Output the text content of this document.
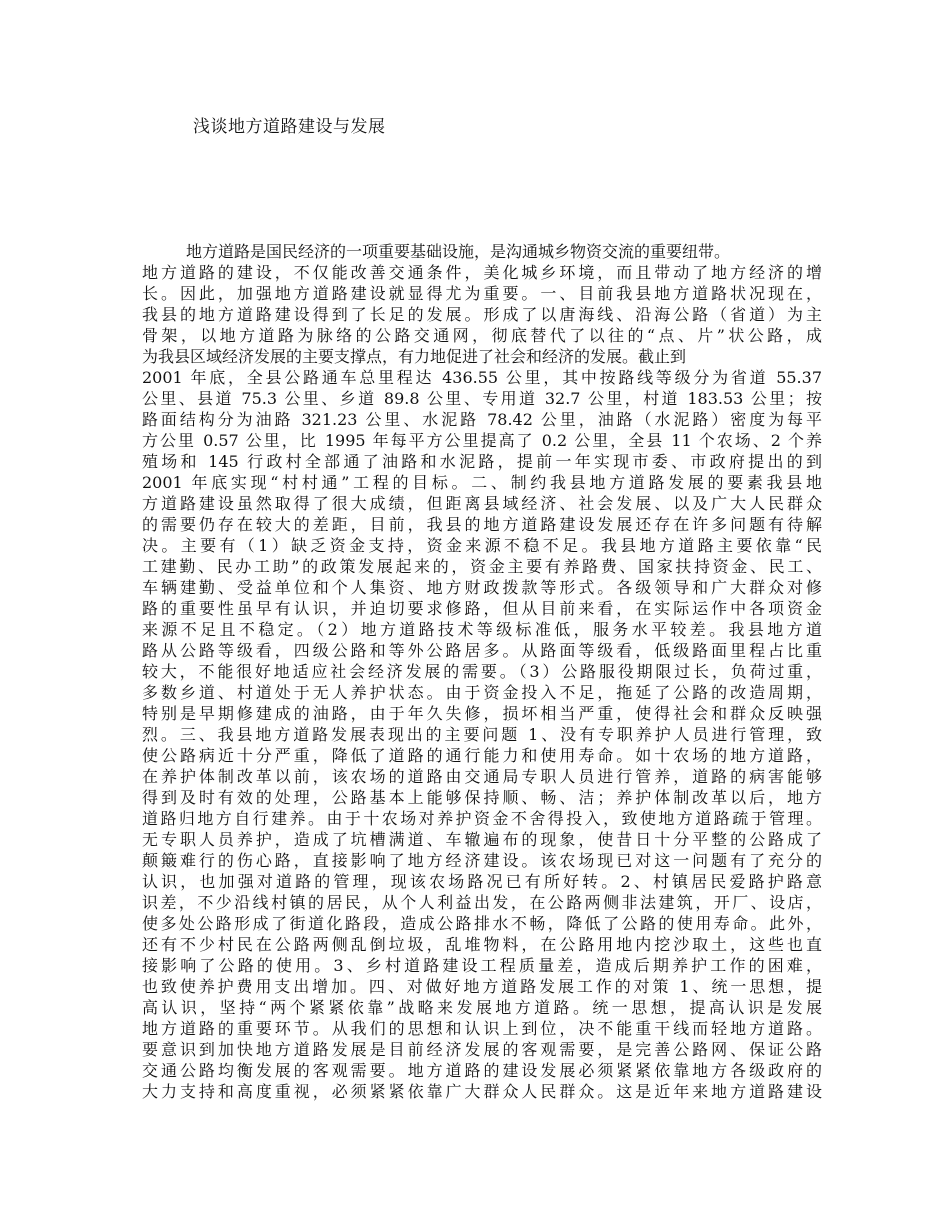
浅谈地方道路建设与发展
地方道路是国民经济的一项重要基础设施，是沟通城乡物资交流的重要纽带。
地方道路的建设，不仅能改善交通条件，美化城乡环境，而且带动了地方经济的增
长。因此，加强地方道路建设就显得尤为重要。一、目前我县地方道路状况现在，
我县的地方道路建设得到了长足的发展。形成了以唐海线、沿海公路（省道）为主
骨架，以地方道路为脉络的公路交通网，彻底替代了以往的“点、片”状公路，成
为我县区域经济发展的主要支撑点，有力地促进了社会和经济的发展。截止到
2001 年底，全县公路通车总里程达 436.55 公里，其中按路线等级分为省道 55.37
公里、县道 75.3 公里、乡道 89.8 公里、专用道 32.7 公里，村道 183.53 公里；按
路面结构分为油路 321.23 公里、水泥路 78.42 公里，油路（水泥路）密度为每平
方公里 0.57 公里，比 1995 年每平方公里提高了 0.2 公里，全县 11 个农场、2 个养
殖场和 145 行政村全部通了油路和水泥路，提前一年实现市委、市政府提出的到
2001 年底实现“村村通”工程的目标。二、制约我县地方道路发展的要素我县地
方道路建设虽然取得了很大成绩，但距离县域经济、社会发展、以及广大人民群众
的需要仍存在较大的差距，目前，我县的地方道路建设发展还存在许多问题有待解
决。主要有（1）缺乏资金支持，资金来源不稳不足。我县地方道路主要依靠“民
工建勤、民办工助”的政策发展起来的，资金主要有养路费、国家扶持资金、民工、
车辆建勤、受益单位和个人集资、地方财政拨款等形式。各级领导和广大群众对修
路的重要性虽早有认识，并迫切要求修路，但从目前来看，在实际运作中各项资金
来源不足且不稳定。（2）地方道路技术等级标准低，服务水平较差。我县地方道
路从公路等级看，四级公路和等外公路居多。从路面等级看，低级路面里程占比重
较大，不能很好地适应社会经济发展的需要。（3）公路服役期限过长，负荷过重，
多数乡道、村道处于无人养护状态。由于资金投入不足，拖延了公路的改造周期，
特别是早期修建成的油路，由于年久失修，损坏相当严重，使得社会和群众反映强
烈。三、我县地方道路发展表现出的主要问题 1、没有专职养护人员进行管理，致
使公路病近十分严重，降低了道路的通行能力和使用寿命。如十农场的地方道路，
在养护体制改革以前，该农场的道路由交通局专职人员进行管养，道路的病害能够
得到及时有效的处理，公路基本上能够保持顺、畅、洁；养护体制改革以后，地方
道路归地方自行建养。由于十农场对养护资金不舍得投入，致使地方道路疏于管理。
无专职人员养护，造成了坑槽满道、车辙遍布的现象，使昔日十分平整的公路成了
颠簸难行的伤心路，直接影响了地方经济建设。该农场现已对这一问题有了充分的
认识，也加强对道路的管理，现该农场路况已有所好转。2、村镇居民爱路护路意
识差，不少沿线村镇的居民，从个人利益出发，在公路两侧非法建筑，开厂、设店，
使多处公路形成了街道化路段，造成公路排水不畅，降低了公路的使用寿命。此外，
还有不少村民在公路两侧乱倒垃圾，乱堆物料，在公路用地内挖沙取土，这些也直
接影响了公路的使用。3、乡村道路建设工程质量差，造成后期养护工作的困难，
也致使养护费用支出增加。四、对做好地方道路发展工作的对策 1、统一思想，提
高认识，坚持“两个紧紧依靠”战略来发展地方道路。统一思想，提高认识是发展
地方道路的重要环节。从我们的思想和认识上到位，决不能重干线而轻地方道路。
要意识到加快地方道路发展是目前经济发展的客观需要，是完善公路网、保证公路
交通公路均衡发展的客观需要。地方道路的建设发展必须紧紧依靠地方各级政府的
大力支持和高度重视，必须紧紧依靠广大群众人民群众。这是近年来地方道路建设
